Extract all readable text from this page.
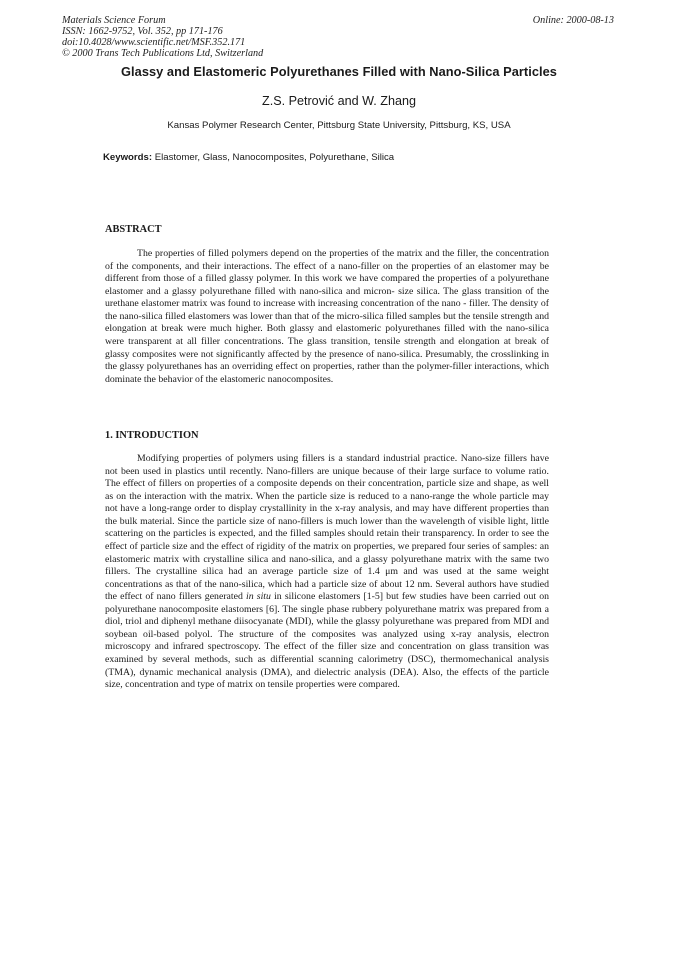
Materials Science Forum
ISSN: 1662-9752, Vol. 352, pp 171-176
doi:10.4028/www.scientific.net/MSF.352.171
© 2000 Trans Tech Publications Ltd, Switzerland
Online: 2000-08-13
Glassy and Elastomeric Polyurethanes Filled with Nano-Silica Particles
Z.S. Petrović and W. Zhang
Kansas Polymer Research Center, Pittsburg State University, Pittsburg, KS, USA
Keywords: Elastomer, Glass, Nanocomposites, Polyurethane, Silica
ABSTRACT
The properties of filled polymers depend on the properties of the matrix and the filler, the concentration of the components, and their interactions. The effect of a nano-filler on the properties of an elastomer may be different from those of a filled glassy polymer. In this work we have compared the properties of a polyurethane elastomer and a glassy polyurethane filled with nano-silica and micron- size silica. The glass transition of the urethane elastomer matrix was found to increase with increasing concentration of the nano - filler. The density of the nano-silica filled elastomers was lower than that of the micro-silica filled samples but the tensile strength and elongation at break were much higher. Both glassy and elastomeric polyurethanes filled with the nano-silica were transparent at all filler concentrations. The glass transition, tensile strength and elongation at break of glassy composites were not significantly affected by the presence of nano-silica. Presumably, the crosslinking in the glassy polyurethanes has an overriding effect on properties, rather than the polymer-filler interactions, which dominate the behavior of the elastomeric nanocomposites.
1. INTRODUCTION
Modifying properties of polymers using fillers is a standard industrial practice. Nano-size fillers have not been used in plastics until recently. Nano-fillers are unique because of their large surface to volume ratio. The effect of fillers on properties of a composite depends on their concentration, particle size and shape, as well as on the interaction with the matrix. When the particle size is reduced to a nano-range the whole particle may not have a long-range order to display crystallinity in the x-ray analysis, and may have different properties than the bulk material. Since the particle size of nano-fillers is much lower than the wavelength of visible light, little scattering on the particles is expected, and the filled samples should retain their transparency. In order to see the effect of particle size and the effect of rigidity of the matrix on properties, we prepared four series of samples: an elastomeric matrix with crystalline silica and nano-silica, and a glassy polyurethane matrix with the same two fillers. The crystalline silica had an average particle size of 1.4 μm and was used at the same weight concentrations as that of the nano-silica, which had a particle size of about 12 nm. Several authors have studied the effect of nano fillers generated in situ in silicone elastomers [1-5] but few studies have been carried out on polyurethane nanocomposite elastomers [6]. The single phase rubbery polyurethane matrix was prepared from a diol, triol and diphenyl methane diisocyanate (MDI), while the glassy polyurethane was prepared from MDI and soybean oil-based polyol. The structure of the composites was analyzed using x-ray analysis, electron microscopy and infrared spectroscopy. The effect of the filler size and concentration on glass transition was examined by several methods, such as differential scanning calorimetry (DSC), thermomechanical analysis (TMA), dynamic mechanical analysis (DMA), and dielectric analysis (DEA). Also, the effects of the particle size, concentration and type of matrix on tensile properties were compared.
